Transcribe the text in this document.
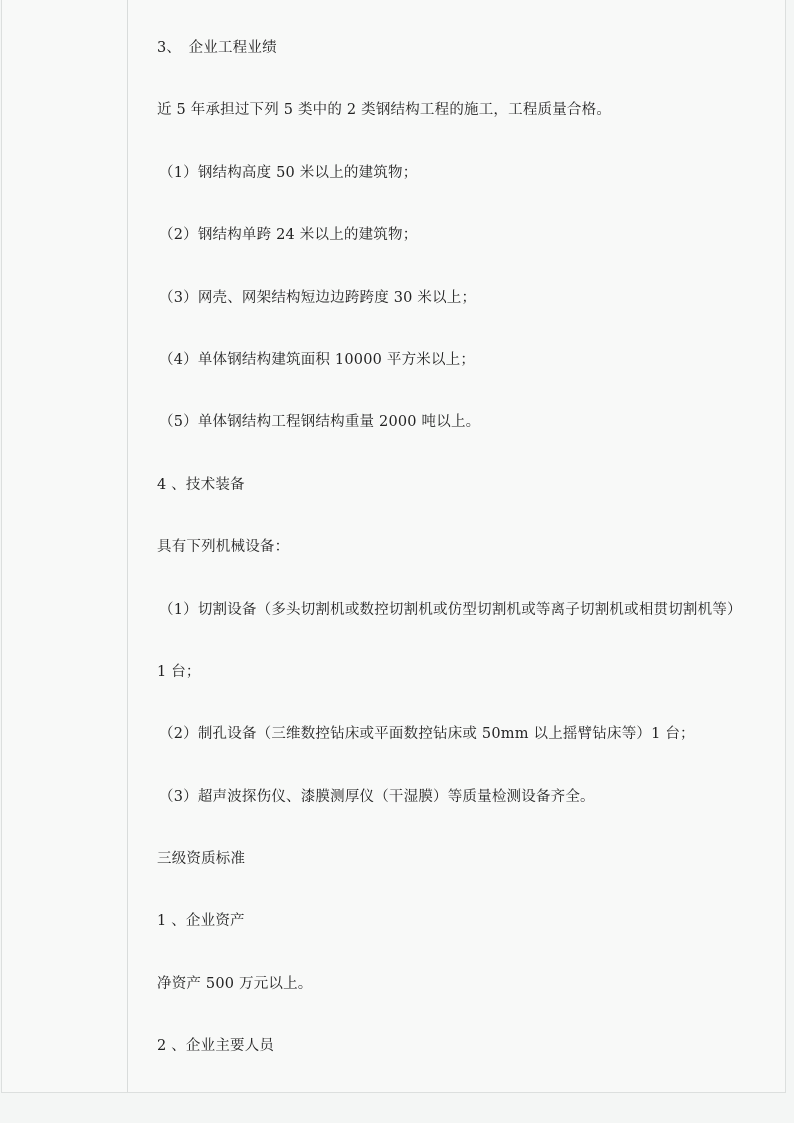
3、　企业工程业绩

近 5 年承担过下列 5 类中的 2 类钢结构工程的施工，工程质量合格。

（1）钢结构高度 50 米以上的建筑物；

（2）钢结构单跨 24 米以上的建筑物；

（3）网壳、网架结构短边边跨跨度 30 米以上；

（4）单体钢结构建筑面积 10000 平方米以上；

（5）单体钢结构工程钢结构重量 2000 吨以上。

4 、技术装备

具有下列机械设备：

（1）切割设备（多头切割机或数控切割机或仿型切割机或等离子切割机或相贯切割机等）

1 台；

（2）制孔设备（三维数控钻床或平面数控钻床或 50mm 以上摇臂钻床等）1 台；

（3）超声波探伤仪、漆膜测厚仪（干湿膜）等质量检测设备齐全。

三级资质标准

1 、企业资产

净资产 500 万元以上。

2 、企业主要人员
